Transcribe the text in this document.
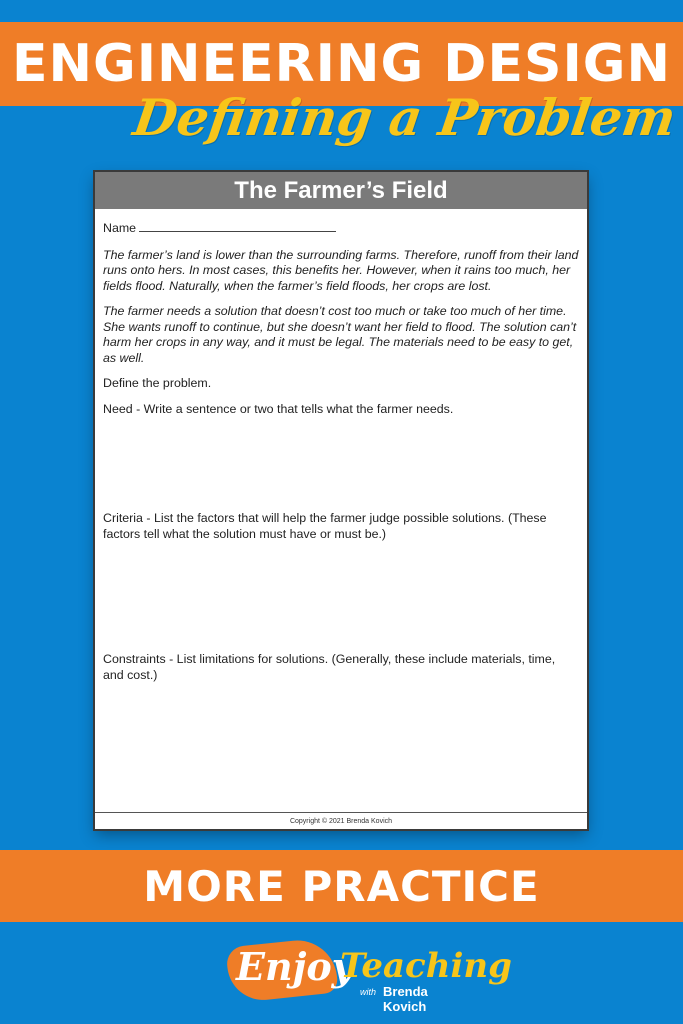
ENGINEERING DESIGN
Defining a Problem
The Farmer’s Field

Name

The farmer’s land is lower than the surrounding farms. Therefore, runoff from their land runs onto hers. In most cases, this benefits her. However, when it rains too much, her fields flood. Naturally, when the farmer’s field floods, her crops are lost.

The farmer needs a solution that doesn’t cost too much or take too much of her time. She wants runoff to continue, but she doesn’t want her field to flood. The solution can’t harm her crops in any way, and it must be legal. The materials need to be easy to get, as well.

Define the problem.

Need - Write a sentence or two that tells what the farmer needs.

Criteria - List the factors that will help the farmer judge possible solutions. (These factors tell what the solution must have or must be.)

Constraints - List limitations for solutions. (Generally, these include materials, time, and cost.)

Copyright © 2021 Brenda Kovich
MORE PRACTICE
Enjoy
Teaching
with Brenda Kovich
